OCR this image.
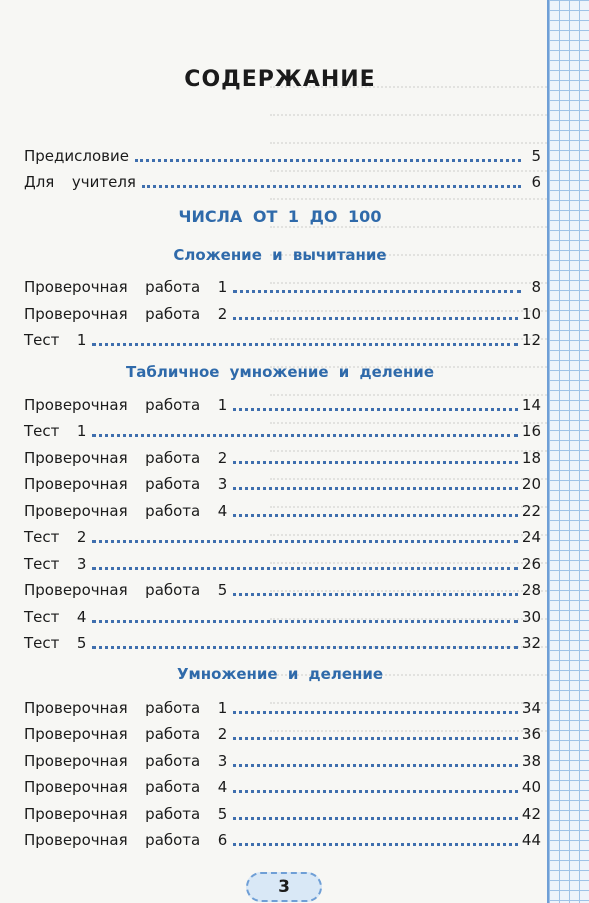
СОДЕРЖАНИЕ
Предисловие	5
Для  учителя	6
ЧИСЛА ОТ 1 ДО 100
Сложение и вычитание
Проверочная  работа  1	8
Проверочная  работа  2	10
Тест  1	12
Табличное умножение и деление
Проверочная  работа  1	14
Тест  1	16
Проверочная  работа  2	18
Проверочная  работа  3	20
Проверочная  работа  4	22
Тест  2	24
Тест  3	26
Проверочная  работа  5	28
Тест  4	30
Тест  5	32
Умножение и деление
Проверочная  работа  1	34
Проверочная  работа  2	36
Проверочная  работа  3	38
Проверочная  работа  4	40
Проверочная  работа  5	42
Проверочная  работа  6	44
3
